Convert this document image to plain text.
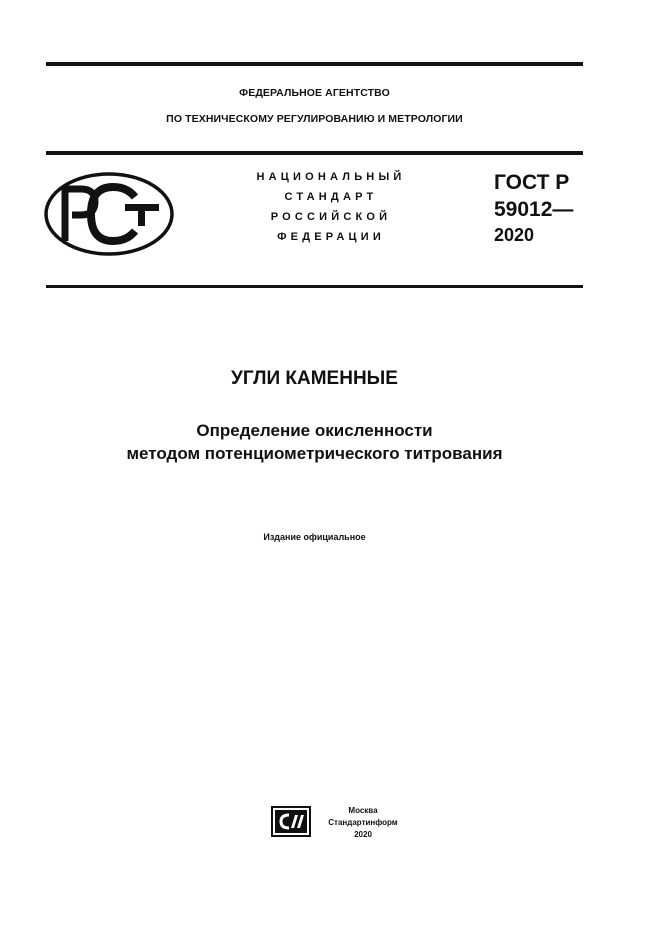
ФЕДЕРАЛЬНОЕ АГЕНТСТВО
ПО ТЕХНИЧЕСКОМУ РЕГУЛИРОВАНИЮ И МЕТРОЛОГИИ
НАЦИОНАЛЬНЫЙ
СТАНДАРТ
РОССИЙСКОЙ
ФЕДЕРАЦИИ
ГОСТ Р
59012—
2020
УГЛИ КАМЕННЫЕ
Определение окисленности
методом потенциометрического титрования
Издание официальное
Москва
Стандартинформ
2020
